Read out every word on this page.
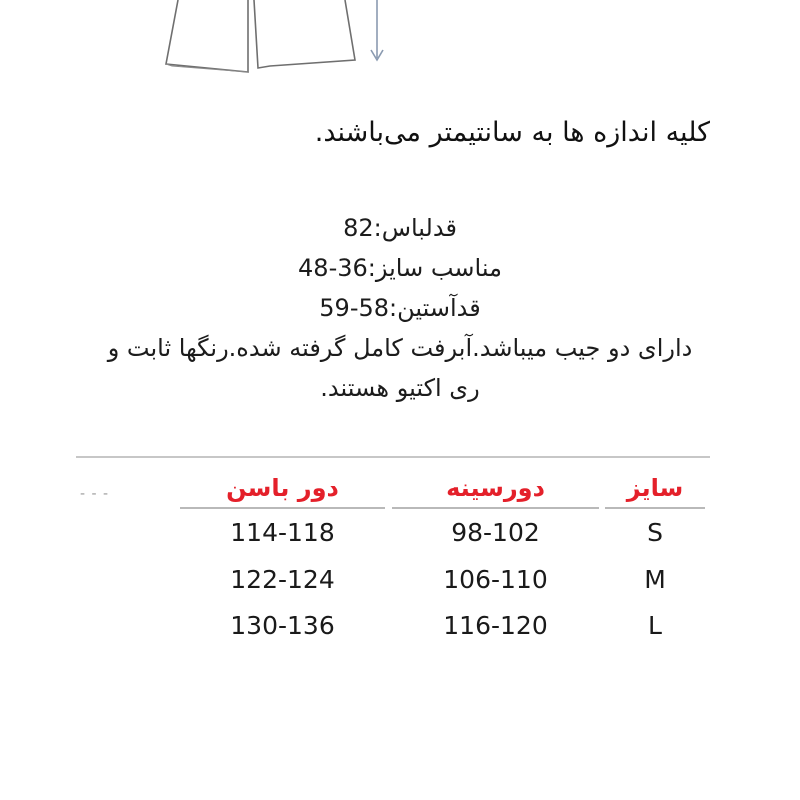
کلیه اندازه ها به سانتیمتر می‌باشند.
قدلباس:82
مناسب سایز:36-48
قدآستین:58-59
دارای دو جیب میباشد.آبرفت کامل گرفته شده.رنگها ثابت و ری اکتیو هستند.
- - -	سایز
دورسینه
دور باسن
S
98-102
114-118
M
106-110
122-124
L
116-120
130-136
